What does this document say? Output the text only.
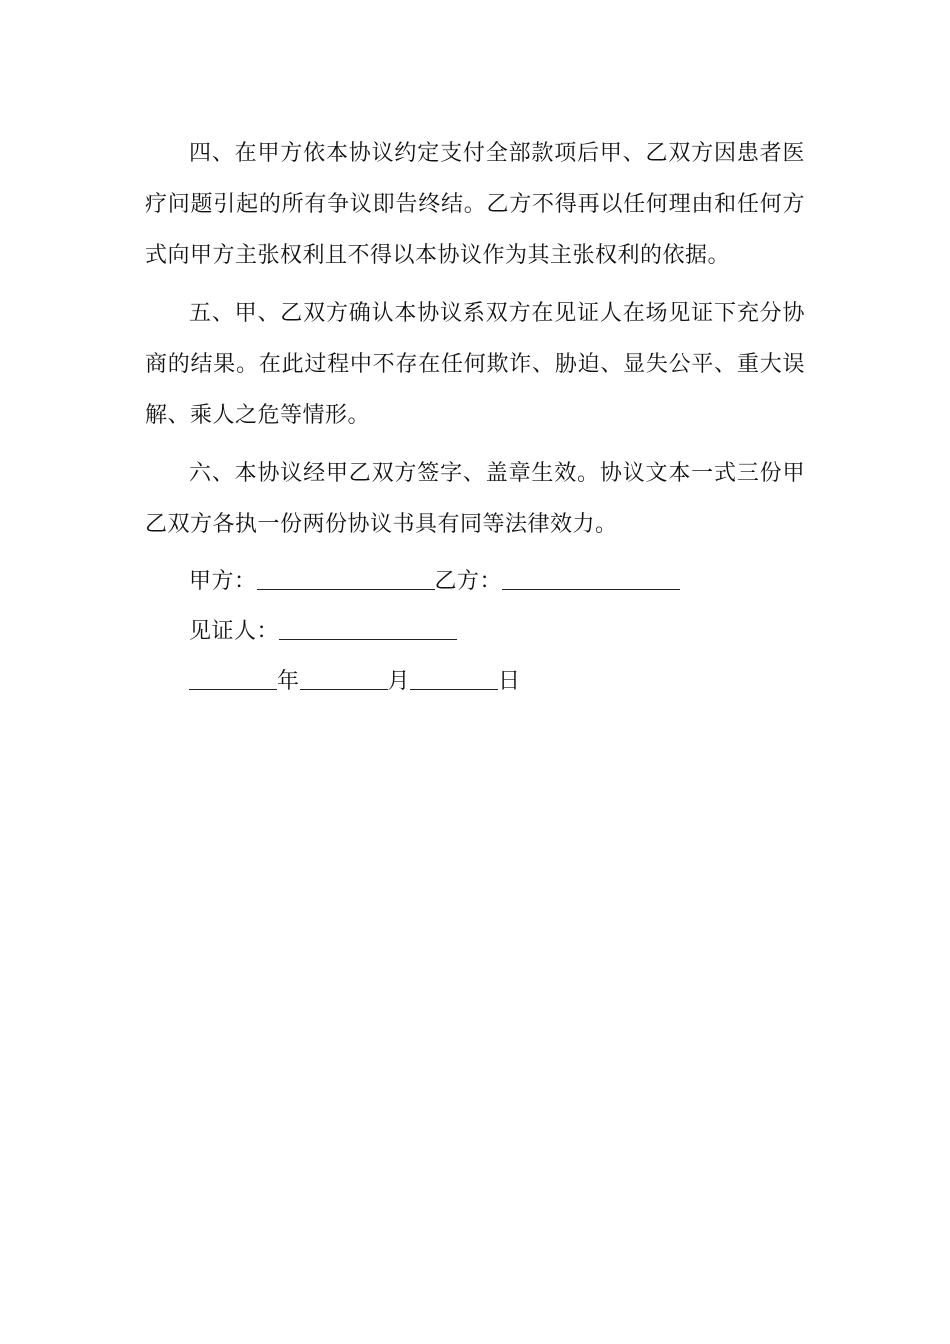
四、在甲方依本协议约定支付全部款项后甲、乙双方因患者医疗问题引起的所有争议即告终结。乙方不得再以任何理由和任何方式向甲方主张权利且不得以本协议作为其主张权利的依据。

五、甲、乙双方确认本协议系双方在见证人在场见证下充分协商的结果。在此过程中不存在任何欺诈、胁迫、显失公平、重大误解、乘人之危等情形。

六、本协议经甲乙双方签字、盖章生效。协议文本一式三份甲乙双方各执一份两份协议书具有同等法律效力。

甲方：	乙方：
见证人：
年	月	日
